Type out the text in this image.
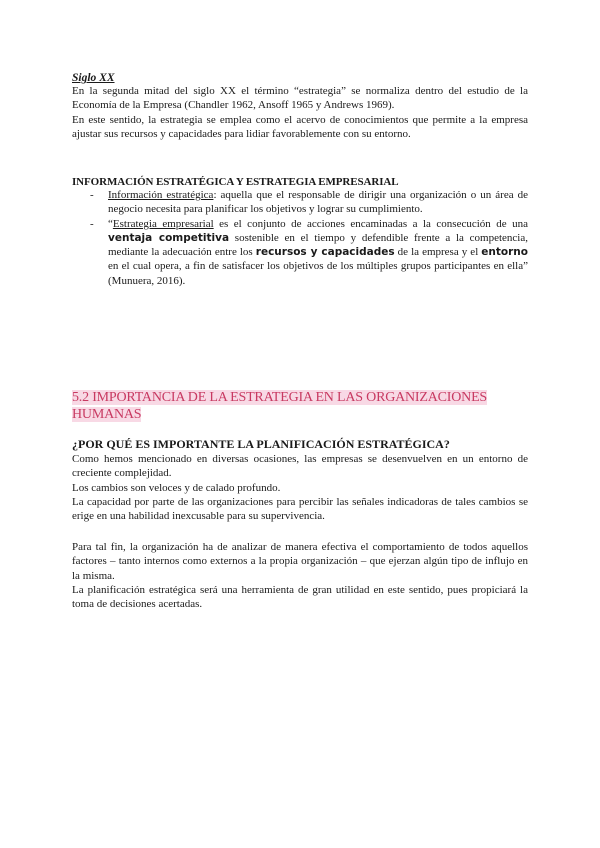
Siglo XX

En la segunda mitad del siglo XX el término “estrategia” se normaliza dentro del estudio de la Economía de la Empresa (Chandler 1962, Ansoff 1965 y Andrews 1969).

En este sentido, la estrategia se emplea como el acervo de conocimientos que permite a la empresa ajustar sus recursos y capacidades para lidiar favorablemente con su entorno.

INFORMACIÓN ESTRATÉGICA Y ESTRATEGIA EMPRESARIAL
- Información estratégica: aquella que el responsable de dirigir una organización o un área de negocio necesita para planificar los objetivos y lograr su cumplimiento.
- “Estrategia empresarial es el conjunto de acciones encaminadas a la consecución de una ventaja competitiva sostenible en el tiempo y defendible frente a la competencia, mediante la adecuación entre los recursos y capacidades de la empresa y el entorno en el cual opera, a fin de satisfacer los objetivos de los múltiples grupos participantes en ella” (Munuera, 2016).
5.2 IMPORTANCIA DE LA ESTRATEGIA EN LAS ORGANIZACIONES HUMANAS
¿POR QUÉ ES IMPORTANTE LA PLANIFICACIÓN ESTRATÉGICA?

Como hemos mencionado en diversas ocasiones, las empresas se desenvuelven en un entorno de creciente complejidad.

Los cambios son veloces y de calado profundo.

La capacidad por parte de las organizaciones para percibir las señales indicadoras de tales cambios se erige en una habilidad inexcusable para su supervivencia.

Para tal fin, la organización ha de analizar de manera efectiva el comportamiento de todos aquellos factores – tanto internos como externos a la propia organización – que ejerzan algún tipo de influjo en la misma.

La planificación estratégica será una herramienta de gran utilidad en este sentido, pues propiciará la toma de decisiones acertadas.
